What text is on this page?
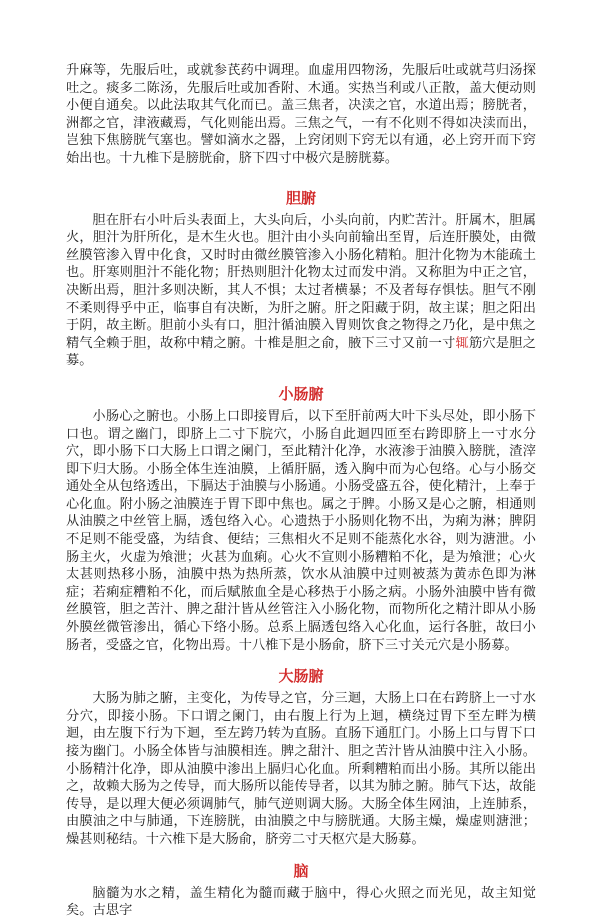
升麻等，先服后吐，或就参芪药中调理。血虚用四物汤，先服后吐或就芎归汤探吐之。痰多二陈汤，先服后吐或加香附、木通。实热当利或八正散，盖大便动则小便自通矣。以此法取其气化而已。盖三焦者，决渎之官，水道出焉；膀胱者，洲都之官，津液藏焉，气化则能出焉。三焦之气，一有不化则不得如决渎而出，岂独下焦膀胱气塞也。譬如滴水之器，上窍闭则下窍无以有通，必上窍开而下窍始出也。十九椎下是膀胱俞，脐下四寸中极穴是膀胱募。

胆腑

胆在肝右小叶后头表面上，大头向后，小头向前，内贮苦汁。肝属木，胆属火，胆汁为肝所化，是木生火也。胆汁由小头向前输出至胃，后连肝膜处，由微丝膜管渗入胃中化食，又时时由微丝膜管渗入小肠化精粕。胆汁化物为木能疏土也。肝寒则胆汁不能化物；肝热则胆汁化物太过而发中消。又称胆为中正之官，决断出焉，胆汁多则决断，其人不惧；太过者横暴；不及者每存惧怯。胆气不刚不柔则得乎中正，临事自有决断，为肝之腑。肝之阳藏于阴，故主谋；胆之阳出于阴，故主断。胆前小头有口，胆汁循油膜入胃则饮食之物得之乃化，是中焦之精气全赖于胆，故称中精之腑。十椎是胆之俞，腋下三寸又前一寸辄筋穴是胆之募。

小肠腑

小肠心之腑也。小肠上口即接胃后，以下至肝前两大叶下头尽处，即小肠下口也。谓之幽门，即脐上二寸下脘穴，小肠自此迴四匝至右跨即脐上一寸水分穴，即小肠下口大肠上口谓之阑门，至此精汁化净，水液渗于油膜入膀胱，渣滓即下归大肠。小肠全体生连油膜，上循肝膈，透入胸中而为心包络。心与小肠交通处全从包络透出，下膈达于油膜与小肠通。小肠受盛五谷，使化精汁，上奉于心化血。附小肠之油膜连于胃下即中焦也。属之于脾。小肠又是心之腑，相通则从油膜之中丝管上膈，透包络入心。心遗热于小肠则化物不出，为痢为淋；脾阴不足则不能受盛，为结食、便结；三焦相火不足则不能蒸化水谷，则为溏泄。小肠主火，火虚为飧泄；火甚为血痢。心火不宣则小肠糟粕不化，是为飧泄；心火太甚则热移小肠，油膜中热为热所蒸，饮水从油膜中过则被蒸为黄赤色即为淋症；若痢症糟粕不化，而后赋脓血全是心移热于小肠之病。小肠外油膜中皆有微丝膜管，胆之苦汁、脾之甜汁皆从丝管注入小肠化物，而物所化之精汁即从小肠外膜丝微管渗出，循心下络小肠。总系上膈透包络入心化血，运行各脏，故曰小肠者，受盛之官，化物出焉。十八椎下是小肠俞，脐下三寸关元穴是小肠募。

大肠腑

大肠为肺之腑，主变化，为传导之官，分三迴，大肠上口在右跨脐上一寸水分穴，即接小肠。下口谓之阑门，由右腹上行为上迴，横绕过胃下至左畔为横迴，由左腹下行为下迴，至左跨乃转为直肠。直肠下通肛门。小肠上口与胃下口接为幽门。小肠全体皆与油膜相连。脾之甜汁、胆之苦汁皆从油膜中注入小肠。小肠精汁化净，即从油膜中渗出上膈归心化血。所剩糟粕而出小肠。其所以能出之，故赖大肠为之传导，而大肠所以能传导者，以其为肺之腑。肺气下达，故能传导，是以理大便必须调肺气，肺气逆则调大肠。大肠全体生网油，上连肺系，由膜油之中与肺通，下连膀胱，由油膜之中与膀胱通。大肠主燥，燥虚则溏泄；燥甚则秘结。十六椎下是大肠俞，脐旁二寸天枢穴是大肠募。

脑

脑髓为水之精，盖生精化为髓而藏于脑中，得心火照之而光见，故主知觉矣。古思字
